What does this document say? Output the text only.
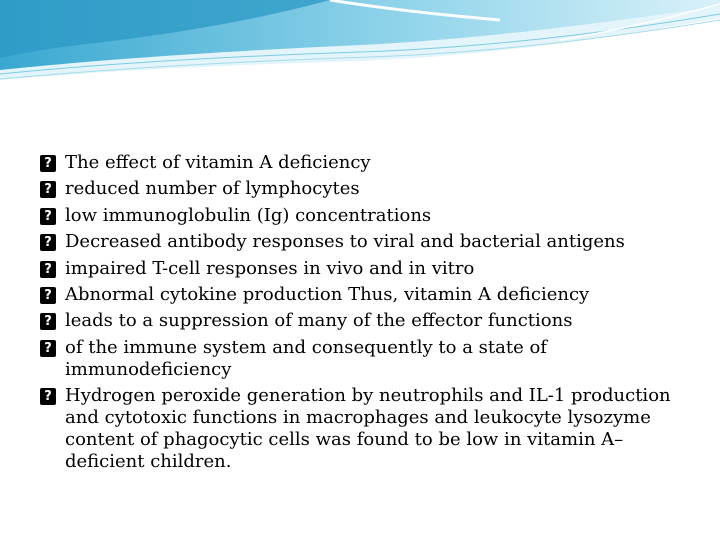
?
The effect of vitamin A deficiency
?
reduced number of lymphocytes
?
low immunoglobulin (Ig) concentrations
?
Decreased antibody responses to viral and bacterial antigens
?
impaired T-cell responses in vivo and in vitro
?
Abnormal cytokine production Thus, vitamin A deficiency
?
leads to a suppression of many of the effector functions
?
of the immune system and consequently to a state of immunodeficiency
?
Hydrogen peroxide generation by neutrophils and IL-1 production and cytotoxic functions in macrophages and leukocyte lysozyme content of phagocytic cells was found to be low in vitamin A– deficient children.
